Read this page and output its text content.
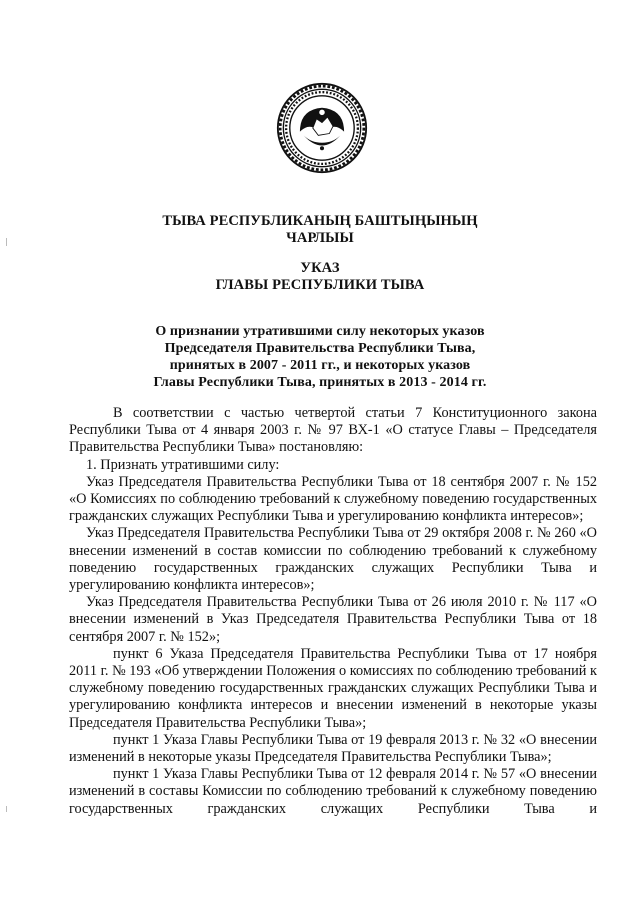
ТЫВА РЕСПУБЛИКАНЫҢ БАШТЫҢЫНЫҢ
ЧАРЛЫЫ
УКАЗ
ГЛАВЫ РЕСПУБЛИКИ ТЫВА
О признании утратившими силу некоторых указов
Председателя Правительства Республики Тыва,
принятых в 2007 - 2011 гг., и некоторых указов
Главы Республики Тыва, принятых в 2013 - 2014 гг.

В соответствии с частью четвертой статьи 7 Конституционного закона Республики Тыва от 4 января 2003 г. № 97 ВХ-1 «О статусе Главы – Председателя Правительства Республики Тыва» постановляю:

1. Признать утратившими силу:

Указ Председателя Правительства Республики Тыва от 18 сентября 2007 г. № 152 «О Комиссиях по соблюдению требований к служебному поведению государственных гражданских служащих Республики Тыва и урегулированию конфликта интересов»;

Указ Председателя Правительства Республики Тыва от 29 октября 2008 г. № 260 «О внесении изменений в состав комиссии по соблюдению требований к служебному поведению государственных гражданских служащих Республики Тыва и урегулированию конфликта интересов»;

Указ Председателя Правительства Республики Тыва от 26 июля 2010 г. № 117 «О внесении изменений в Указ Председателя Правительства Республики Тыва от 18 сентября 2007 г. № 152»;

пункт 6 Указа Председателя Правительства Республики Тыва от 17 ноября 2011 г. № 193 «Об утверждении Положения о комиссиях по соблюдению требований к служебному поведению государственных гражданских служащих Республики Тыва и урегулированию конфликта интересов и внесении изменений в некоторые указы Председателя Правительства Республики Тыва»;

пункт 1 Указа Главы Республики Тыва от 19 февраля 2013 г. № 32 «О внесении изменений в некоторые указы Председателя Правительства Республики Тыва»;

пункт 1 Указа Главы Республики Тыва от 12 февраля 2014 г. № 57 «О внесении изменений в составы Комиссии по соблюдению требований к служебному поведению государственных гражданских служащих Республики Тыва и
